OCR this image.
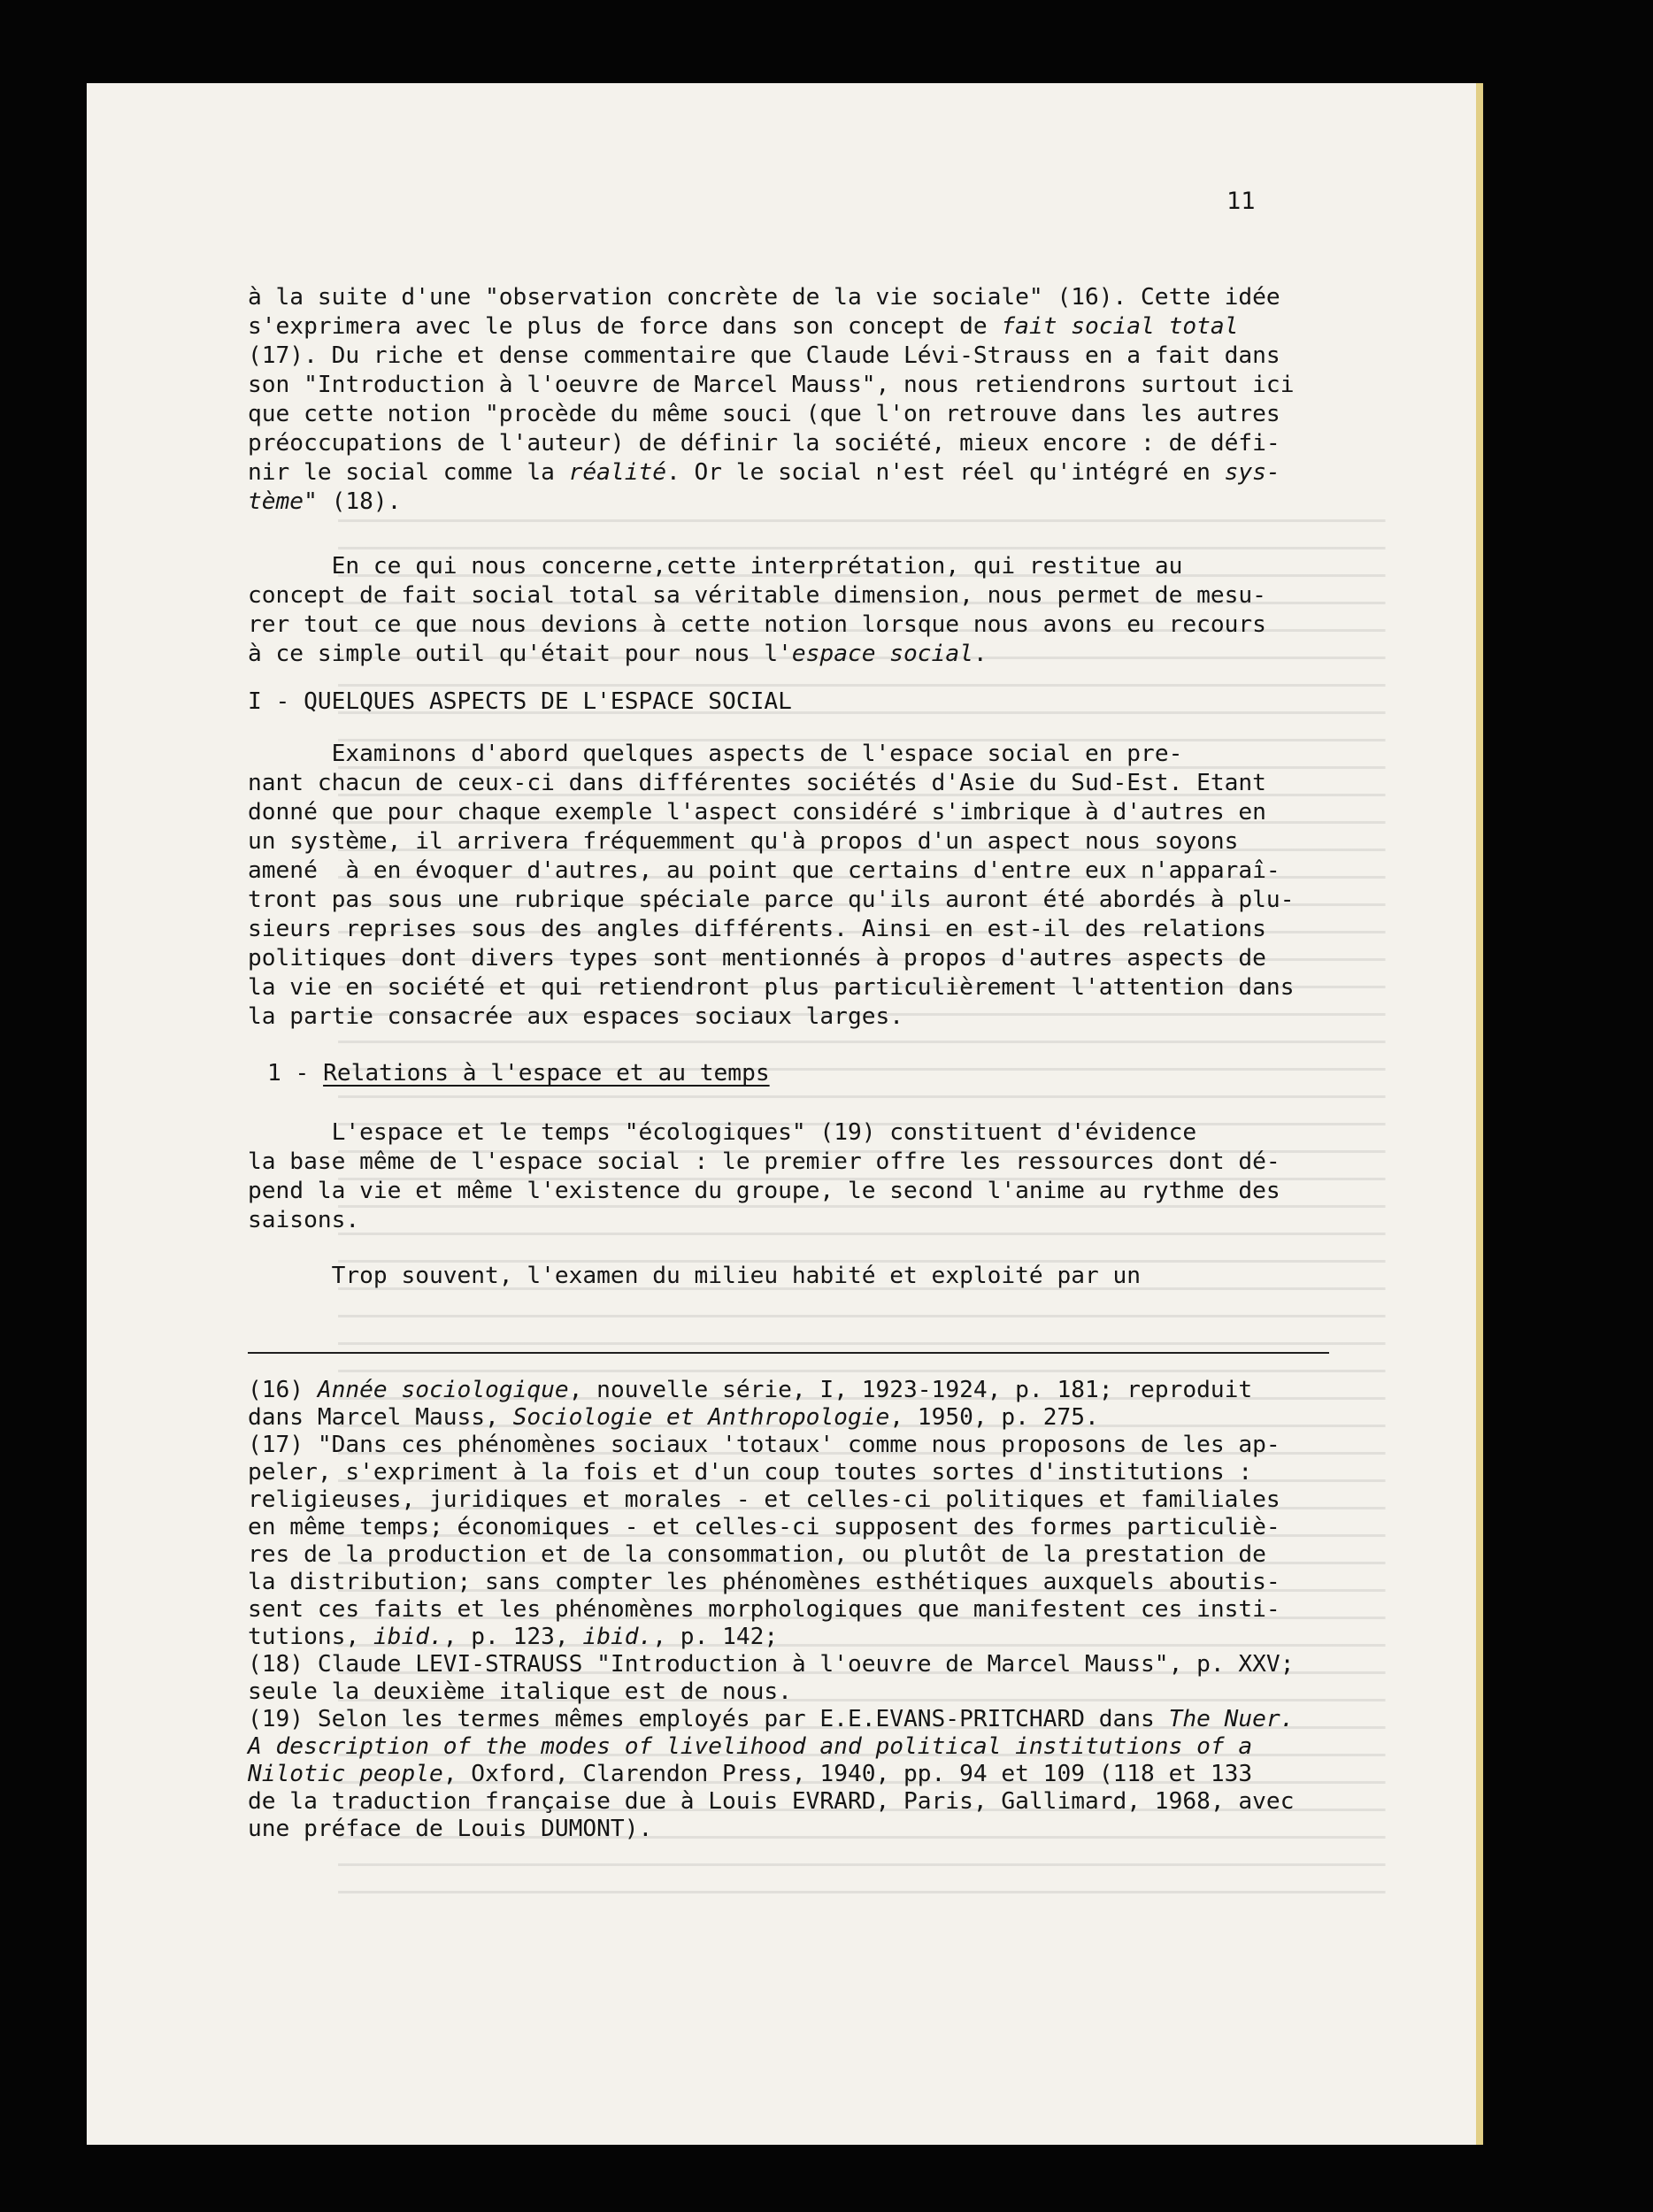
11

à la suite d'une "observation concrète de la vie sociale" (16). Cette idée

s'exprimera avec le plus de force dans son concept de fait social total

(17). Du riche et dense commentaire que Claude Lévi-Strauss en a fait dans

son "Introduction à l'oeuvre de Marcel Mauss", nous retiendrons surtout ici

que cette notion "procède du même souci (que l'on retrouve dans les autres

préoccupations de l'auteur) de définir la société, mieux encore : de défi-

nir le social comme la réalité. Or le social n'est réel qu'intégré en sys-

tème" (18).

En ce qui nous concerne,cette interprétation, qui restitue au

concept de fait social total sa véritable dimension, nous permet de mesu-

rer tout ce que nous devions à cette notion lorsque nous avons eu recours

à ce simple outil qu'était pour nous l'espace social.

I - QUELQUES ASPECTS DE L'ESPACE SOCIAL

Examinons d'abord quelques aspects de l'espace social en pre-

nant chacun de ceux-ci dans différentes sociétés d'Asie du Sud-Est. Etant

donné que pour chaque exemple l'aspect considéré s'imbrique à d'autres en

un système, il arrivera fréquemment qu'à propos d'un aspect nous soyons

amené  à en évoquer d'autres, au point que certains d'entre eux n'apparaî-

tront pas sous une rubrique spéciale parce qu'ils auront été abordés à plu-

sieurs reprises sous des angles différents. Ainsi en est-il des relations

politiques dont divers types sont mentionnés à propos d'autres aspects de

la vie en société et qui retiendront plus particulièrement l'attention dans

la partie consacrée aux espaces sociaux larges.

1 - Relations à l'espace et au temps

L'espace et le temps "écologiques" (19) constituent d'évidence

la base même de l'espace social : le premier offre les ressources dont dé-

pend la vie et même l'existence du groupe, le second l'anime au rythme des

saisons.

Trop souvent, l'examen du milieu habité et exploité par un

(16) Année sociologique, nouvelle série, I, 1923-1924, p. 181; reproduit

dans Marcel Mauss, Sociologie et Anthropologie, 1950, p. 275.

(17) "Dans ces phénomènes sociaux 'totaux' comme nous proposons de les ap-

peler, s'expriment à la fois et d'un coup toutes sortes d'institutions :

religieuses, juridiques et morales - et celles-ci politiques et familiales

en même temps; économiques - et celles-ci supposent des formes particuliè-

res de la production et de la consommation, ou plutôt de la prestation de

la distribution; sans compter les phénomènes esthétiques auxquels aboutis-

sent ces faits et les phénomènes morphologiques que manifestent ces insti-

tutions, ibid., p. 123, ibid., p. 142;

(18) Claude LEVI-STRAUSS "Introduction à l'oeuvre de Marcel Mauss", p. XXV;

seule la deuxième italique est de nous.

(19) Selon les termes mêmes employés par E.E.EVANS-PRITCHARD dans The Nuer.

A description of the modes of livelihood and political institutions of a

Nilotic people, Oxford, Clarendon Press, 1940, pp. 94 et 109 (118 et 133

de la traduction française due à Louis EVRARD, Paris, Gallimard, 1968, avec

une préface de Louis DUMONT).
